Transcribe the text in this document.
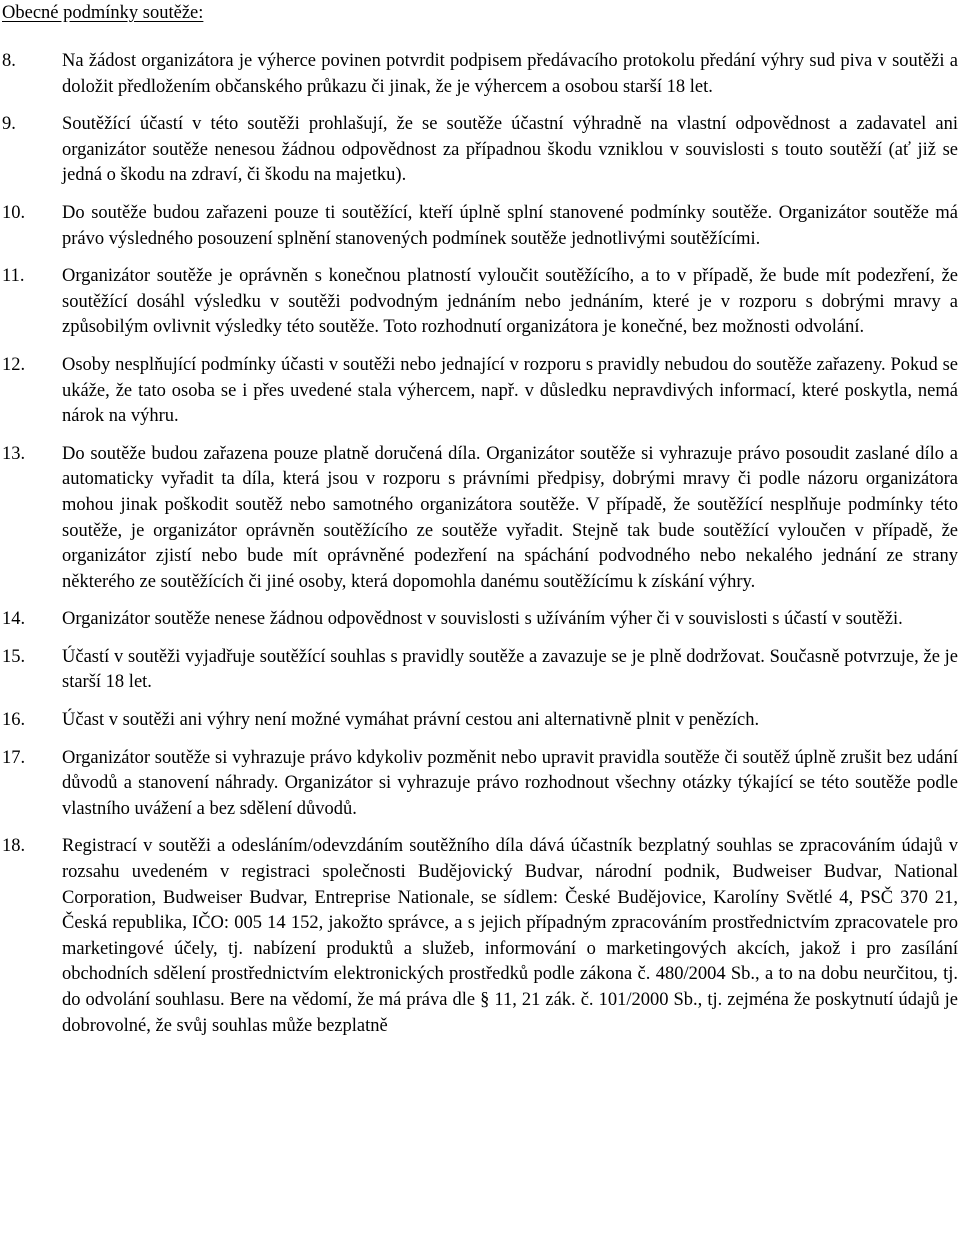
Obecné podmínky soutěže:
8. Na žádost organizátora je výherce povinen potvrdit podpisem předávacího protokolu předání výhry sud piva v soutěži a doložit předložením občanského průkazu či jinak, že je výhercem a osobou starší 18 let.
9. Soutěžící účastí v této soutěži prohlašují, že se soutěže účastní výhradně na vlastní odpovědnost a zadavatel ani organizátor soutěže nenesou žádnou odpovědnost za případnou škodu vzniklou v souvislosti s touto soutěží (ať již se jedná o škodu na zdraví, či škodu na majetku).
10. Do soutěže budou zařazeni pouze ti soutěžící, kteří úplně splní stanovené podmínky soutěže. Organizátor soutěže má právo výsledného posouzení splnění stanovených podmínek soutěže jednotlivými soutěžícími.
11. Organizátor soutěže je oprávněn s konečnou platností vyloučit soutěžícího, a to v případě, že bude mít podezření, že soutěžící dosáhl výsledku v soutěži podvodným jednáním nebo jednáním, které je v rozporu s dobrými mravy a způsobilým ovlivnit výsledky této soutěže. Toto rozhodnutí organizátora je konečné, bez možnosti odvolání.
12. Osoby nesplňující podmínky účasti v soutěži nebo jednající v rozporu s pravidly nebudou do soutěže zařazeny. Pokud se ukáže, že tato osoba se i přes uvedené stala výhercem, např. v důsledku nepravdivých informací, které poskytla, nemá nárok na výhru.
13. Do soutěže budou zařazena pouze platně doručená díla. Organizátor soutěže si vyhrazuje právo posoudit zaslané dílo a automaticky vyřadit ta díla, která jsou v rozporu s právními předpisy, dobrými mravy či podle názoru organizátora mohou jinak poškodit soutěž nebo samotného organizátora soutěže. V případě, že soutěžící nesplňuje podmínky této soutěže, je organizátor oprávněn soutěžícího ze soutěže vyřadit. Stejně tak bude soutěžící vyloučen v případě, že organizátor zjistí nebo bude mít oprávněné podezření na spáchání podvodného nebo nekalého jednání ze strany některého ze soutěžících či jiné osoby, která dopomohla danému soutěžícímu k získání výhry.
14. Organizátor soutěže nenese žádnou odpovědnost v souvislosti s užíváním výher či v souvislosti s účastí v soutěži.
15. Účastí v soutěži vyjadřuje soutěžící souhlas s pravidly soutěže a zavazuje se je plně dodržovat. Současně potvrzuje, že je starší 18 let.
16. Účast v soutěži ani výhry není možné vymáhat právní cestou ani alternativně plnit v penězích.
17. Organizátor soutěže si vyhrazuje právo kdykoliv pozměnit nebo upravit pravidla soutěže či soutěž úplně zrušit bez udání důvodů a stanovení náhrady. Organizátor si vyhrazuje právo rozhodnout všechny otázky týkající se této soutěže podle vlastního uvážení a bez sdělení důvodů.
18. Registrací v soutěži a odesláním/odevzdáním soutěžního díla dává účastník bezplatný souhlas se zpracováním údajů v rozsahu uvedeném v registraci společnosti Budějovický Budvar, národní podnik, Budweiser Budvar, National Corporation, Budweiser Budvar, Entreprise Nationale, se sídlem: České Budějovice, Karolíny Světlé 4, PSČ 370 21, Česká republika, IČO: 005 14 152, jakožto správce, a s jejich případným zpracováním prostřednictvím zpracovatele pro marketingové účely, tj. nabízení produktů a služeb, informování o marketingových akcích, jakož i pro zasílání obchodních sdělení prostřednictvím elektronických prostředků podle zákona č. 480/2004 Sb., a to na dobu neurčitou, tj. do odvolání souhlasu. Bere na vědomí, že má práva dle § 11, 21 zák. č. 101/2000 Sb., tj. zejména že poskytnutí údajů je dobrovolné, že svůj souhlas může bezplatně
